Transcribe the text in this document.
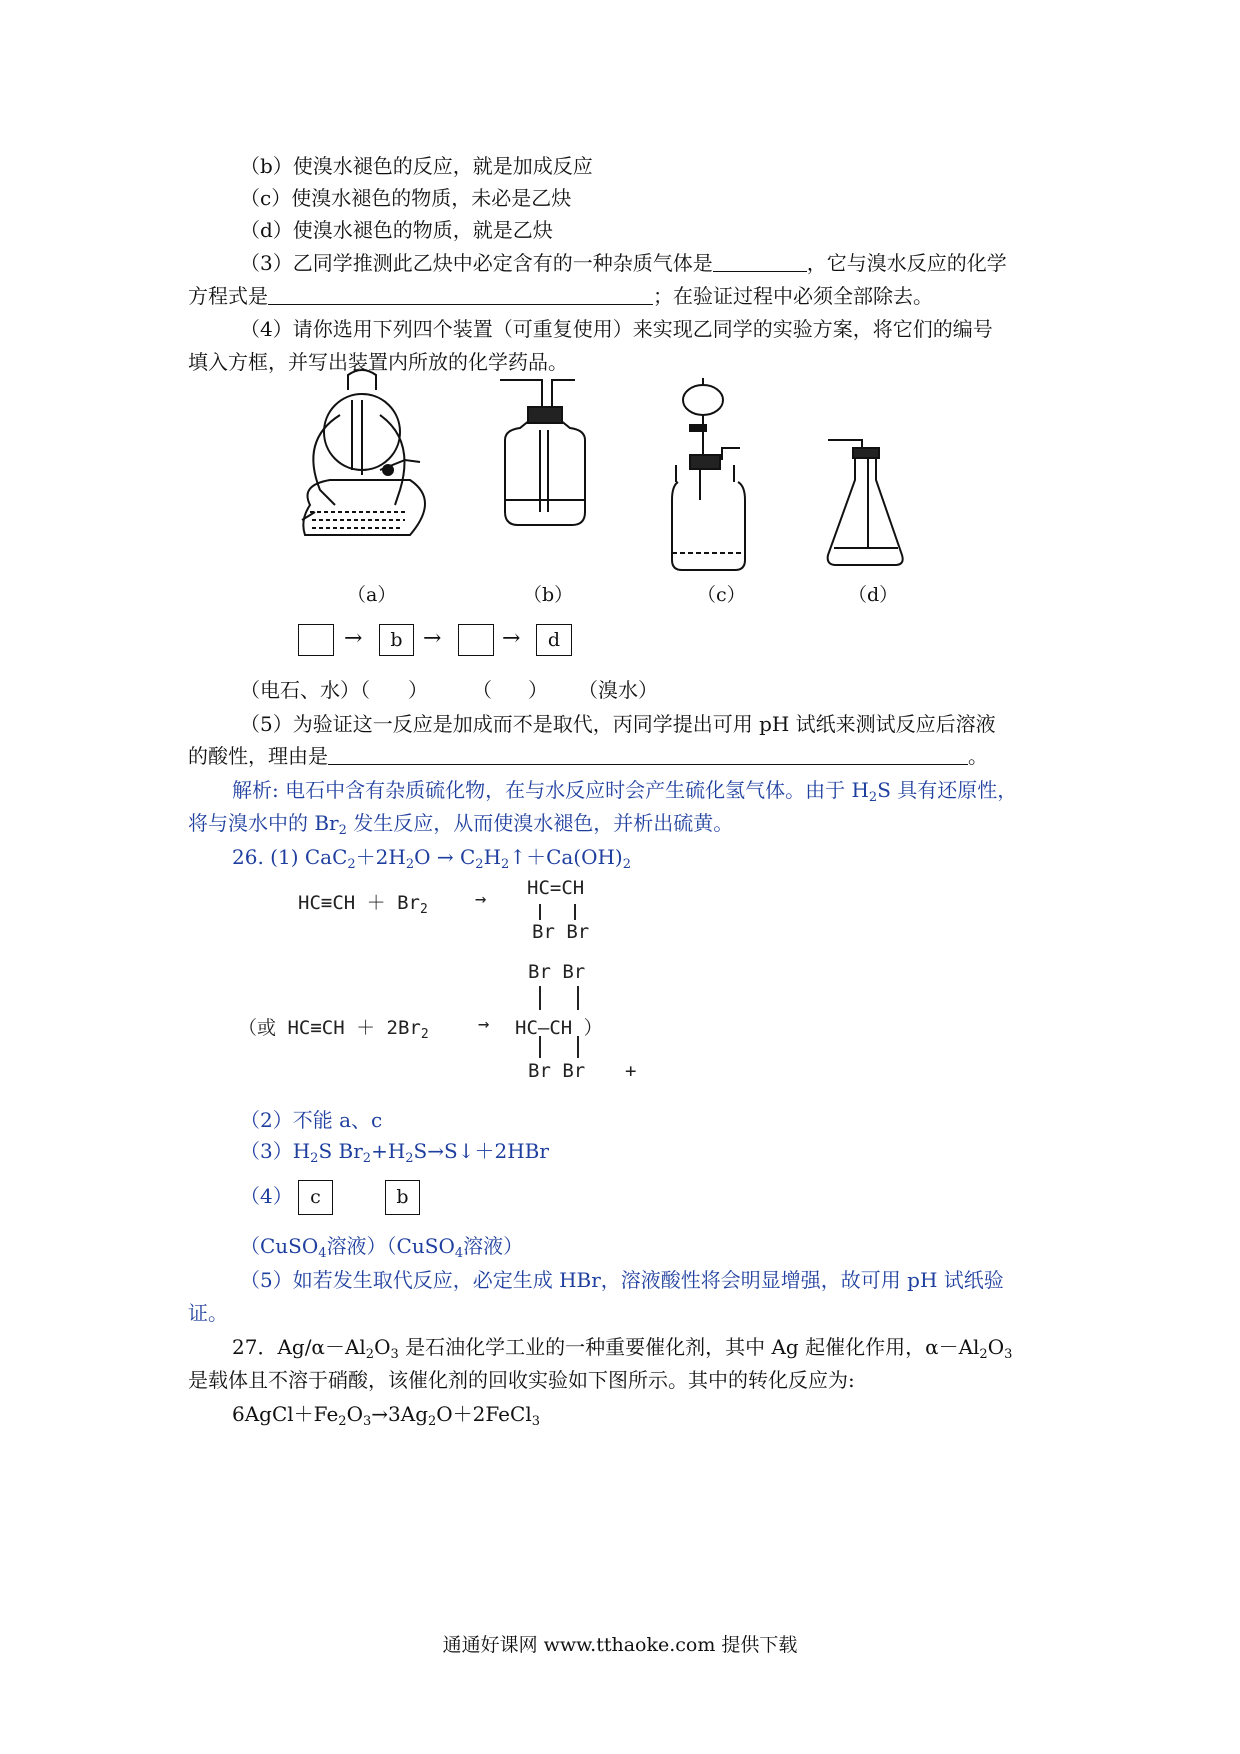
（b）使溴水褪色的反应，就是加成反应
（c）使溴水褪色的物质，未必是乙炔
（d）使溴水褪色的物质，就是乙炔
（3）乙同学推测此乙炔中必定含有的一种杂质气体是	，它与溴水反应的化学
方程式是	；在验证过程中必须全部除去。
（4）请你选用下列四个装置（可重复使用）来实现乙同学的实验方案，将它们的编号
填入方框，并写出装置内所放的化学药品。
（a）	（b）	（c）	（d）
→	b →	→	d
（电石、水）（ ） （ ） （溴水）
（5）为验证这一反应是加成而不是取代，丙同学提出可用 pH 试纸来测试反应后溶液
的酸性，理由是	。
解析: 电石中含有杂质硫化物，在与水反应时会产生硫化氢气体。由于 $H_2S$ 具有还原性，
将与溴水中的 $Br_2$ 发生反应，从而使溴水褪色，并析出硫黄。
26. (1) $CaC_2+2H_2O$ → $C_2H_2↑+Ca(OH)_2$
$HC\equiv CH + Br_2 \to HC=CH$
Br Br
Br Br
（或 $HC\equiv CH + 2Br_2$	→ HC—CH ）
Br Br +
（2）不能 a、c
$(3)H_2S$ $Br_2+H_2S\to S↓+2HBr$
（4） c	b
（CuSO$_4$溶液）（CuSO$_4$溶液）
（5）如若发生取代反应，必定生成 HBr，溶液酸性将会明显增强，故可用 pH 试纸验
证。
27．$Ag/\alpha-Al_2O_3$ 是石油化学工业的一种重要催化剂，其中 Ag 起催化作用，$\alpha-Al_2O_3$
是载体且不溶于硝酸，该催化剂的回收实验如下图所示。其中的转化反应为:
$6AgCl+Fe_2O_3\to 3Ag_2O+2FeCl_3$
通通好课网 www.tthaoke.com 提供下载
